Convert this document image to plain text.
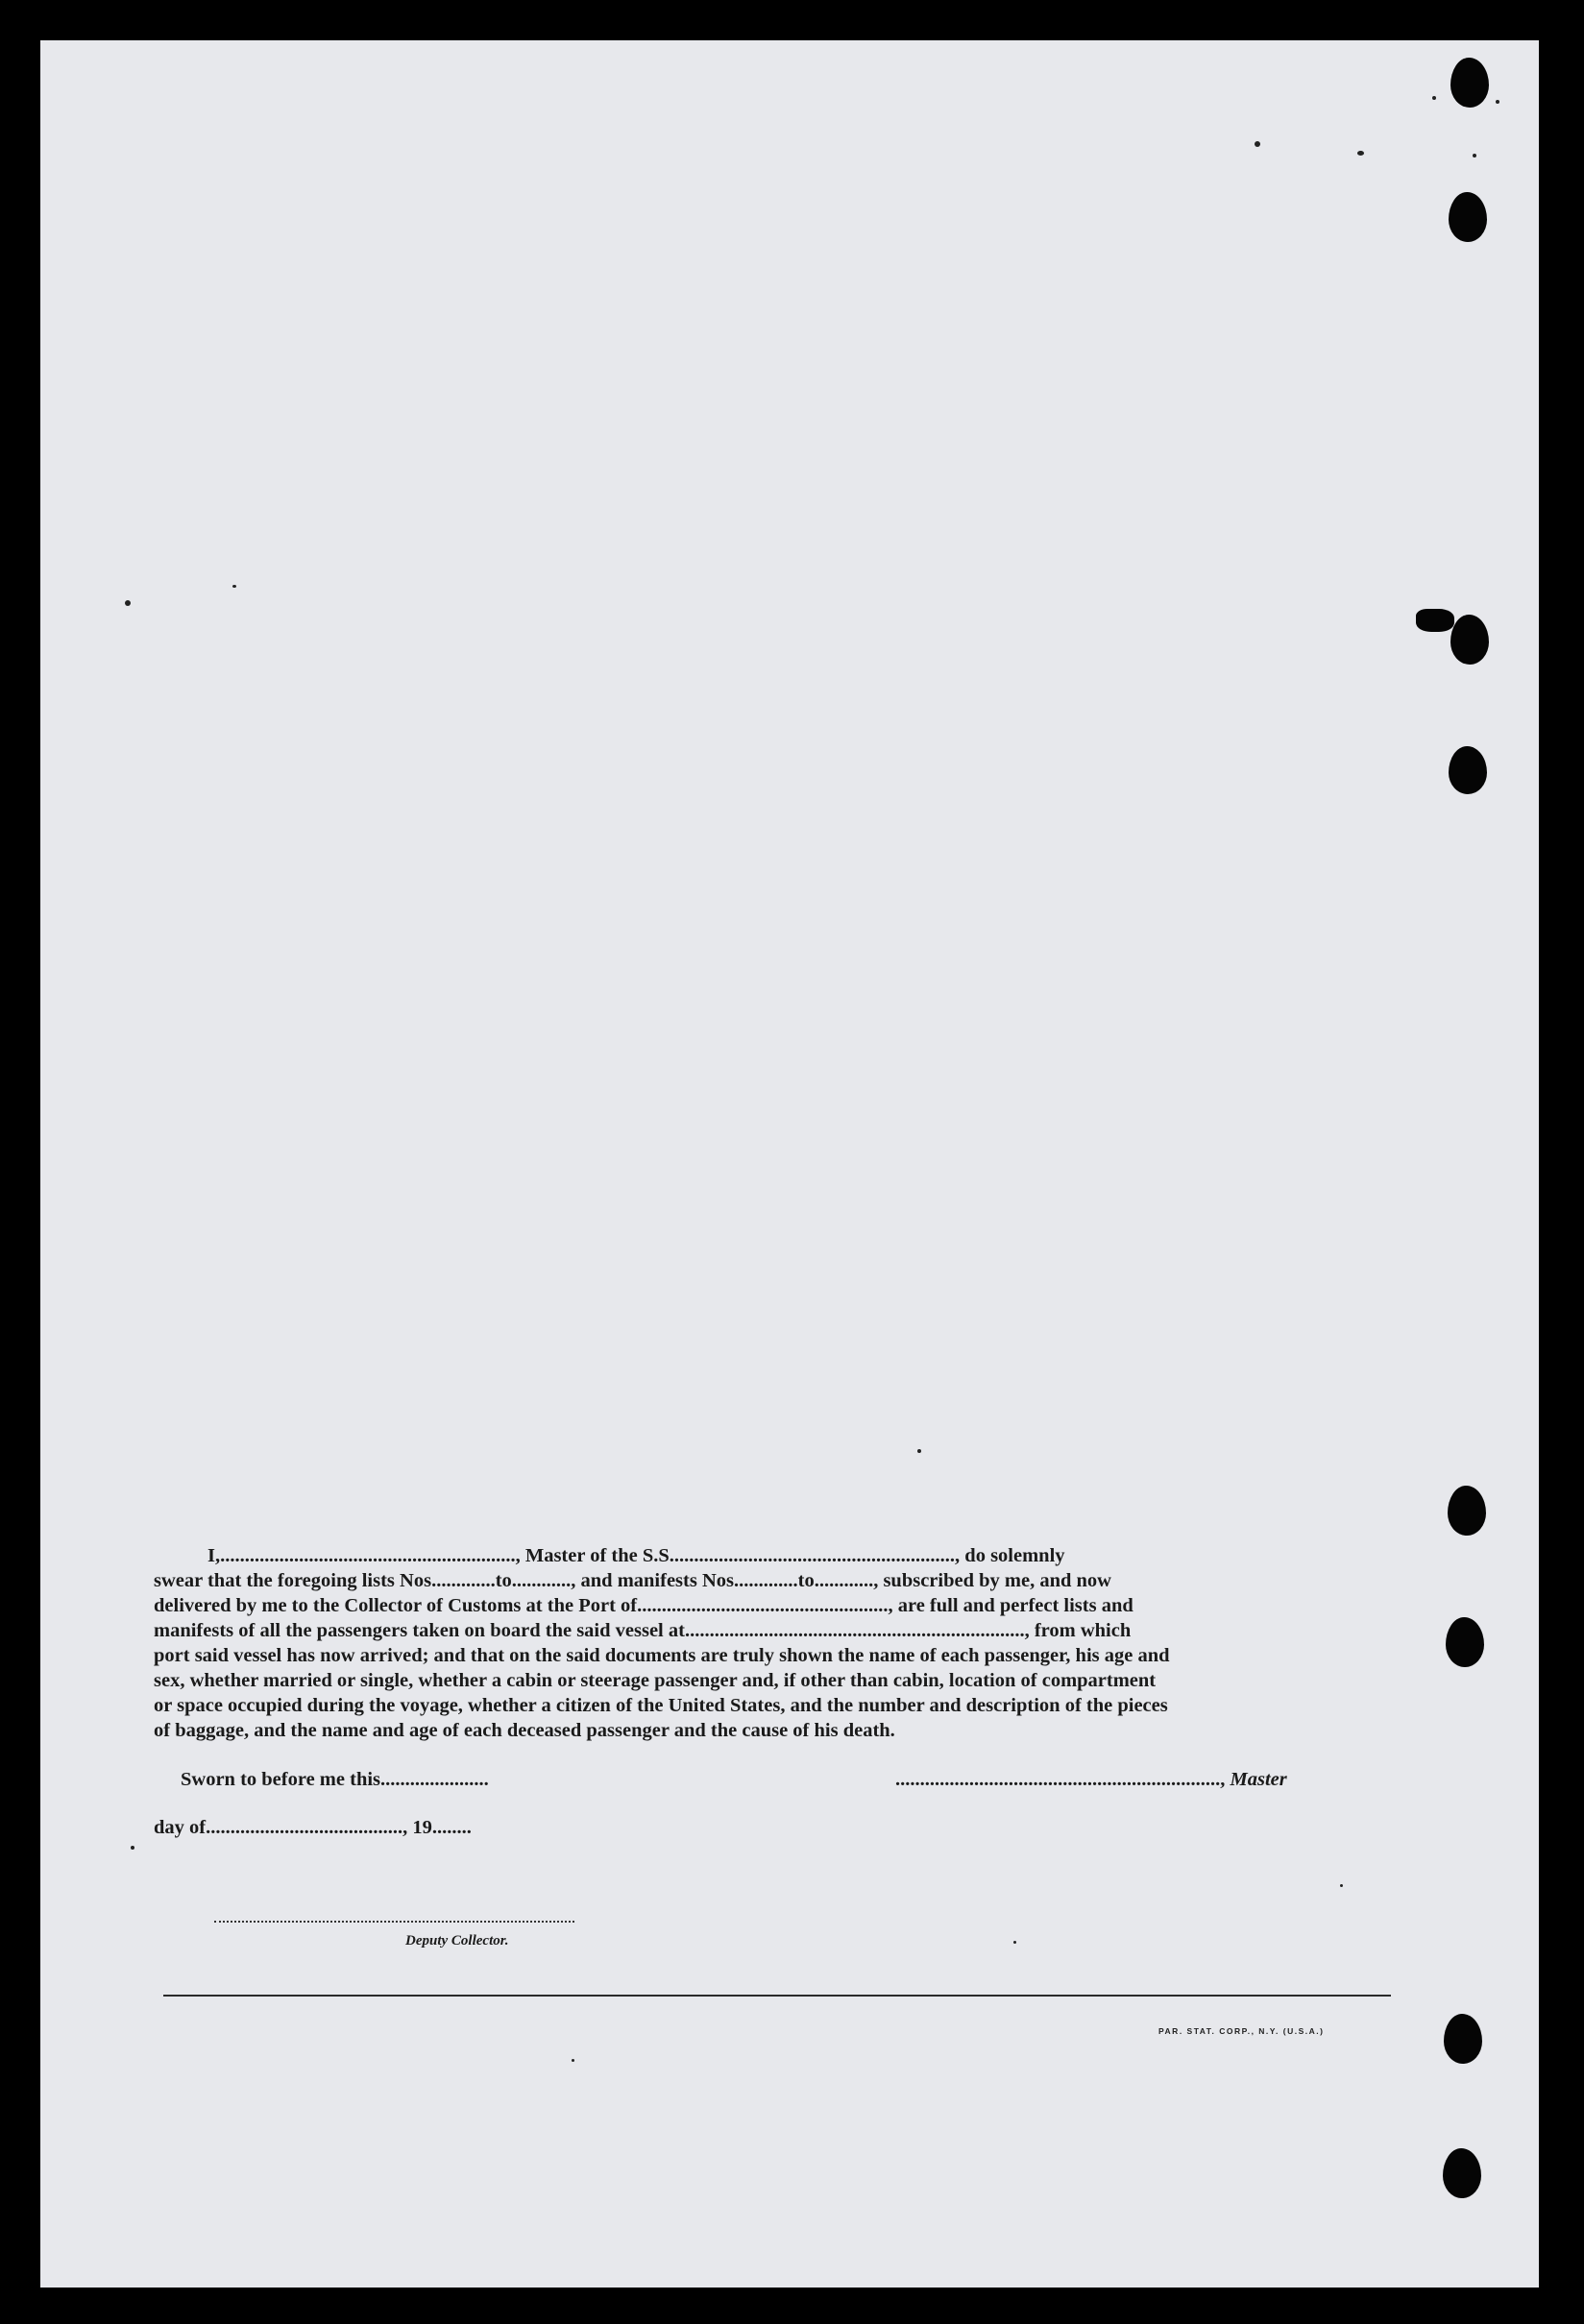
I,............................................................, Master of the S.S.........................................................., do solemnly
swear that the foregoing lists Nos.............to............, and manifests Nos.............to............, subscribed by me, and now
delivered by me to the Collector of Customs at the Port of..................................................., are full and perfect lists and
manifests of all the passengers taken on board the said vessel at....................................................................., from which
port said vessel has now arrived; and that on the said documents are truly shown the name of each passenger, his age and
sex, whether married or single, whether a cabin or steerage passenger and, if other than cabin, location of compartment
or space occupied during the voyage, whether a citizen of the United States, and the number and description of the pieces
of baggage, and the name and age of each deceased passenger and the cause of his death.
Sworn to before me this......................	.................................................................., Master
day of........................................, 19........
Deputy Collector.
PAR. STAT. CORP., N.Y. (U.S.A.)
